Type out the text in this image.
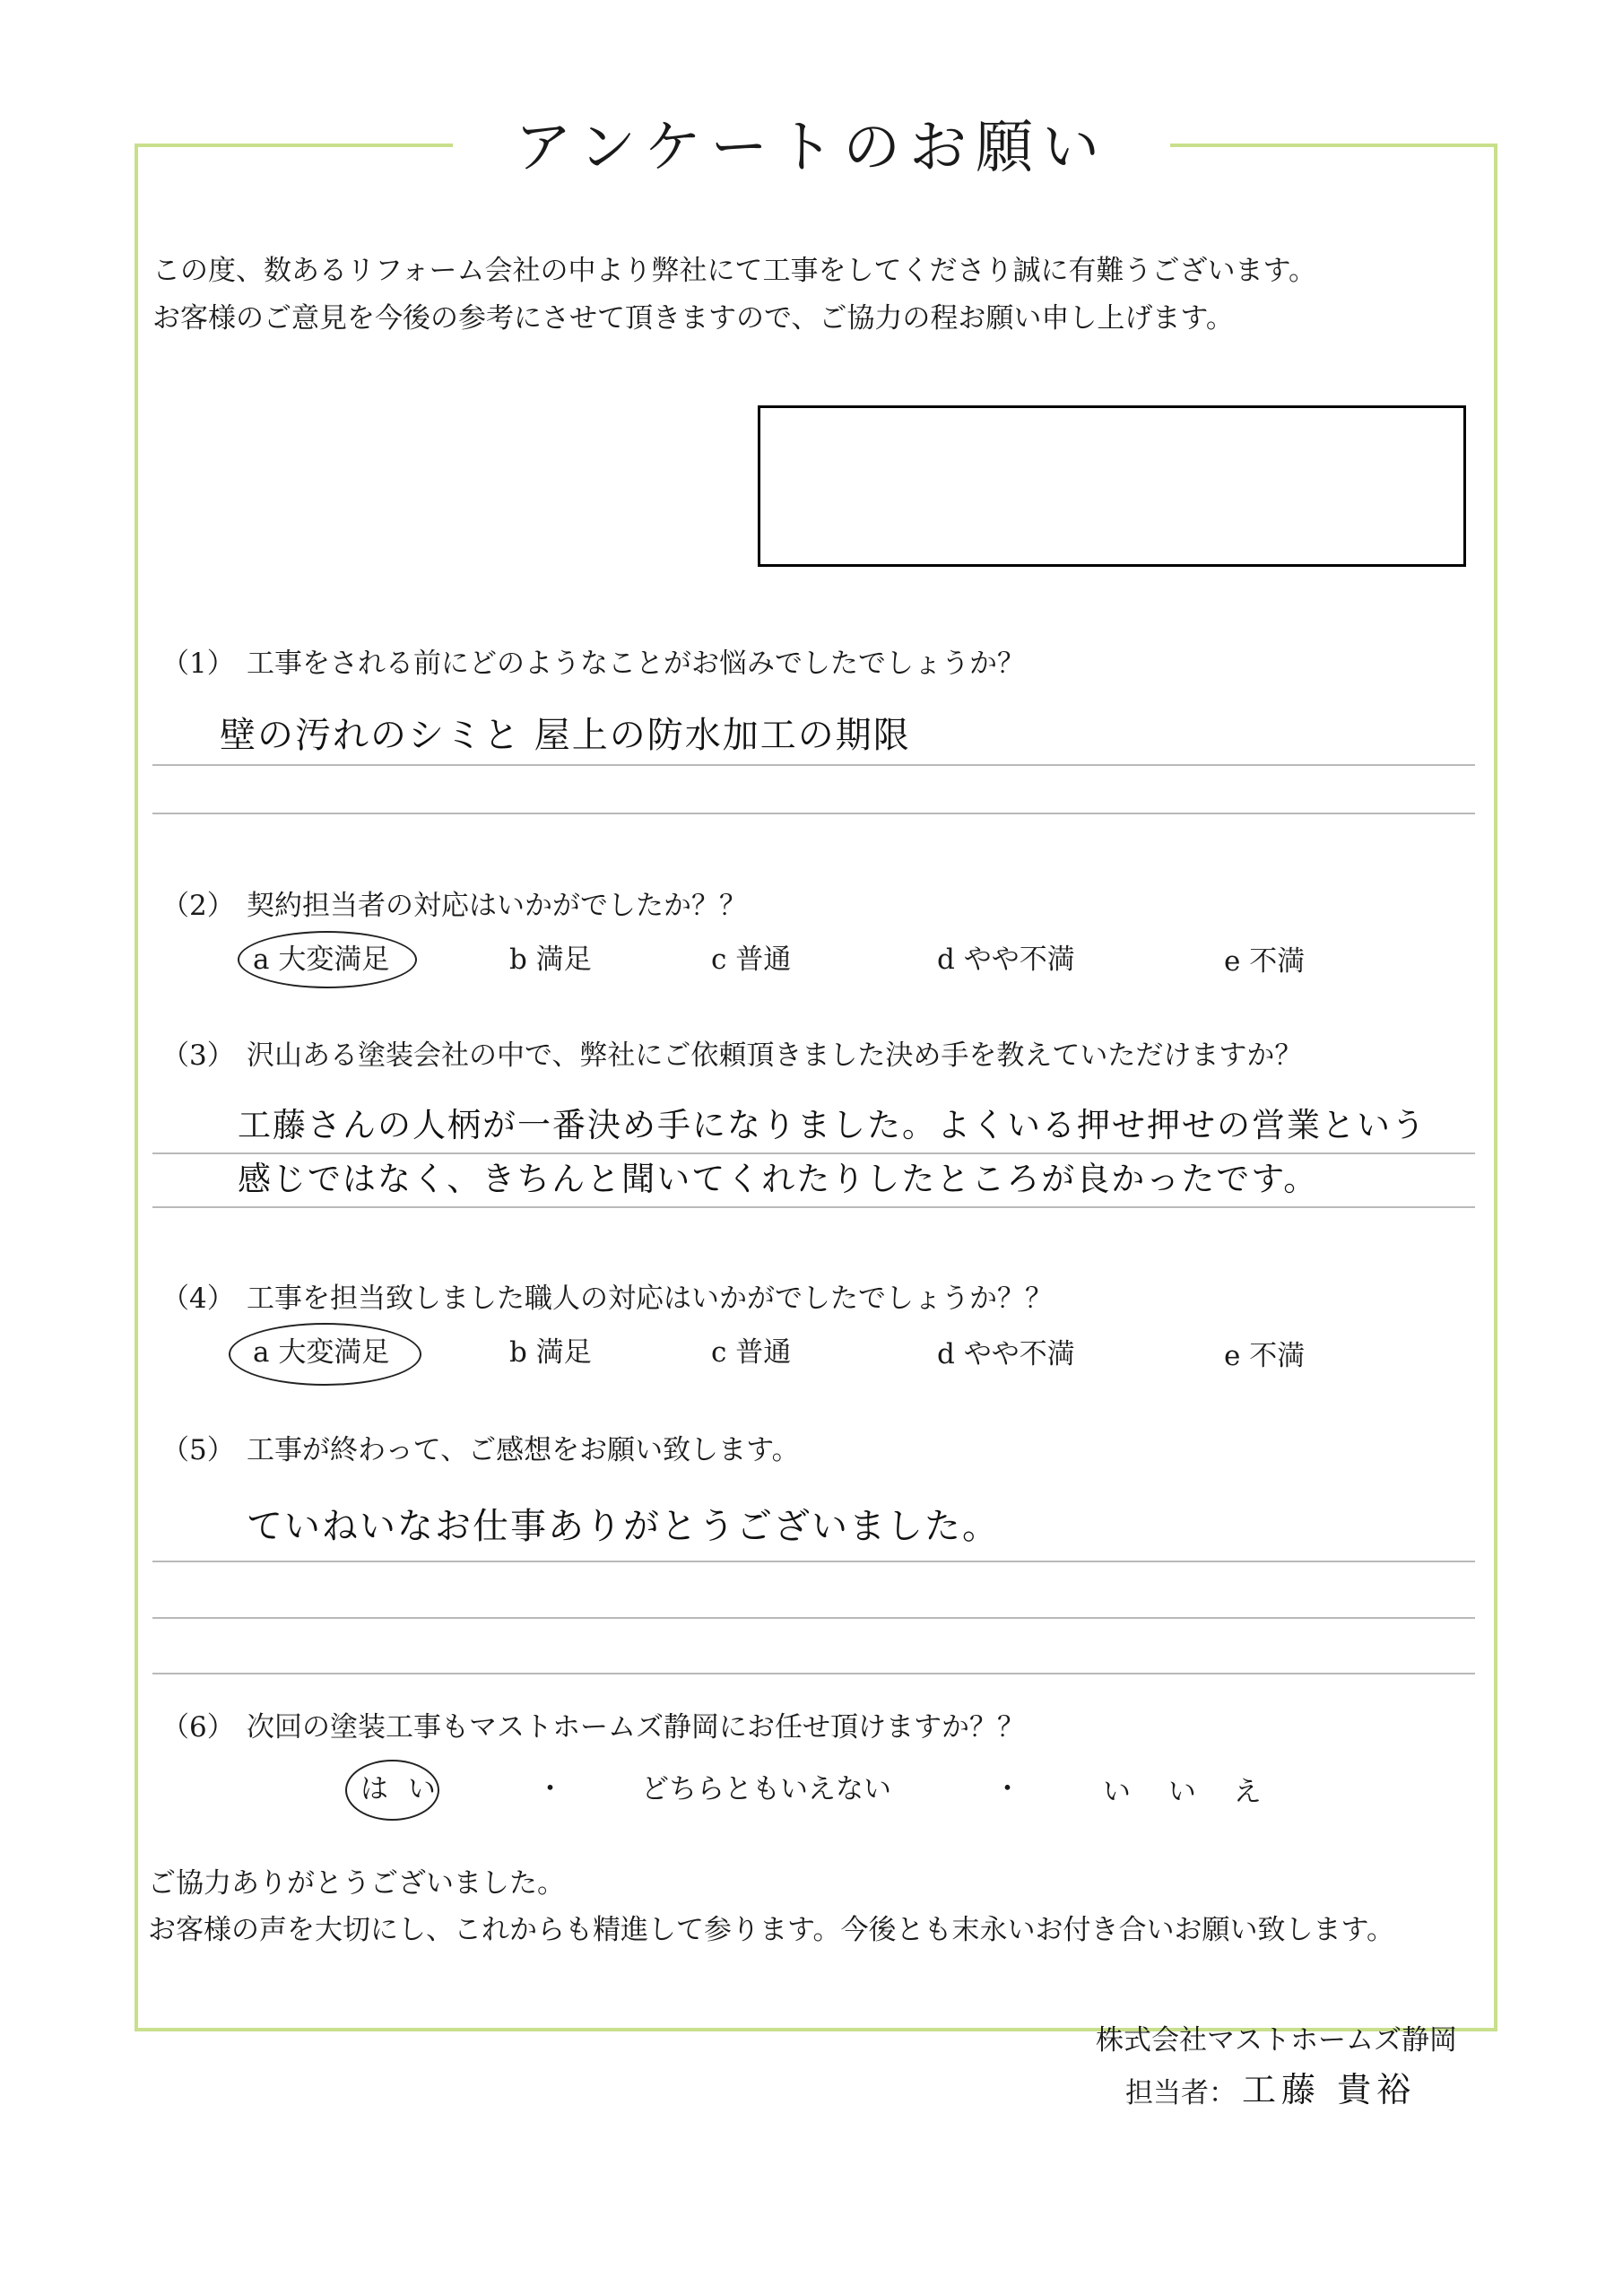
アンケートのお願い
この度、数あるリフォーム会社の中より弊社にて工事をしてくださり誠に有難うございます。
お客様のご意見を今後の参考にさせて頂きますので、ご協力の程お願い申し上げます。
（1） 工事をされる前にどのようなことがお悩みでしたでしょうか？
壁の汚れのシミと 屋上の防水加工の期限
（2） 契約担当者の対応はいかがでしたか？？
a 大変満足	b 満足	c 普通	d やや不満	e 不満
（3） 沢山ある塗装会社の中で、弊社にご依頼頂きました決め手を教えていただけますか？
工藤さんの人柄が一番決め手になりました。よくいる押せ押せの営業という
感じではなく、きちんと聞いてくれたりしたところが良かったです。
（4） 工事を担当致しました職人の対応はいかがでしたでしょうか？？
a 大変満足	b 満足	c 普通	d やや不満	e 不満
（5） 工事が終わって、ご感想をお願い致します。
ていねいなお仕事ありがとうございました。
（6） 次回の塗装工事もマストホームズ静岡にお任せ頂けますか？？
は い	・	どちらともいえない	・	い い え
ご協力ありがとうございました。
お客様の声を大切にし、これからも精進して参ります。今後とも末永いお付き合いお願い致します。
株式会社マストホームズ静岡
担当者： 工藤 貴裕
